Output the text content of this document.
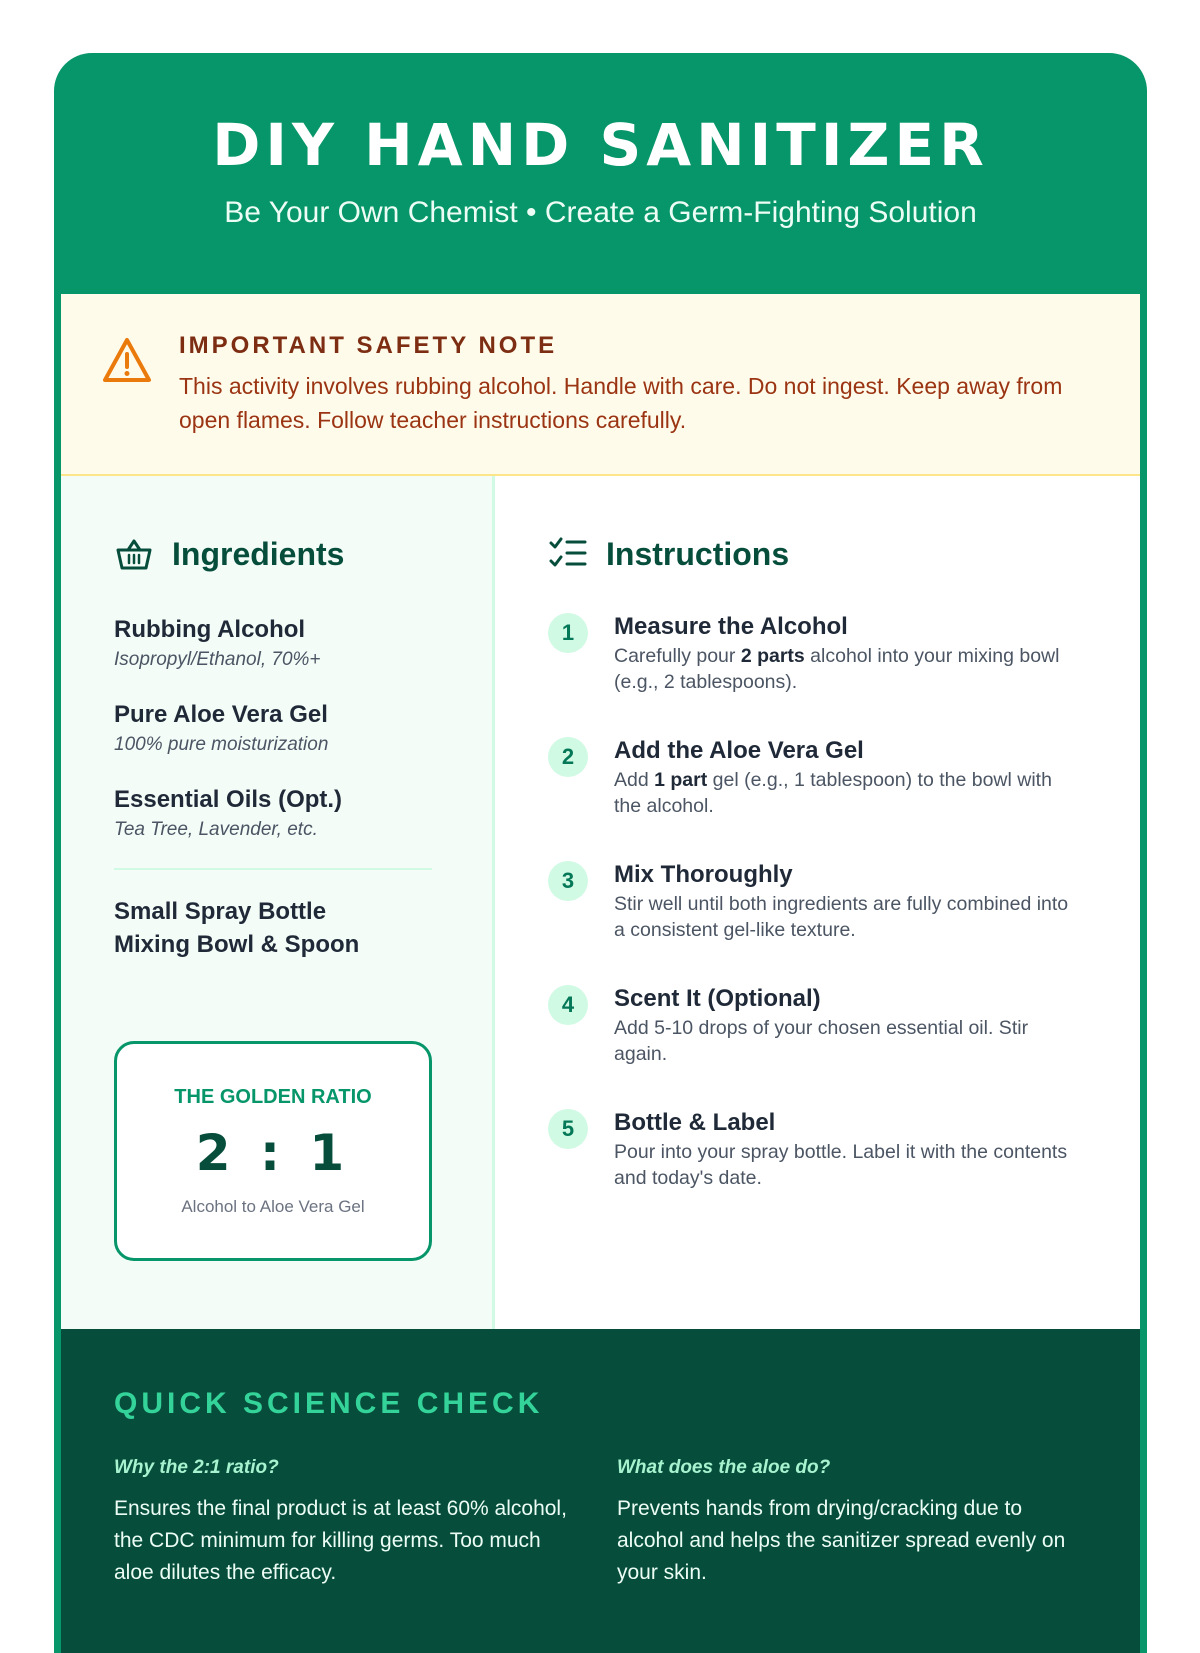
DIY HAND SANITIZER
Be Your Own Chemist • Create a Germ-Fighting Solution
IMPORTANT SAFETY NOTE
This activity involves rubbing alcohol. Handle with care. Do not ingest. Keep away from open flames. Follow teacher instructions carefully.
Ingredients
Rubbing Alcohol
Isopropyl/Ethanol, 70%+
Pure Aloe Vera Gel
100% pure moisturization
Essential Oils (Opt.)
Tea Tree, Lavender, etc.
Small Spray Bottle
Mixing Bowl & Spoon
THE GOLDEN RATIO
2 : 1
Alcohol to Aloe Vera Gel
Instructions
1	Measure the Alcohol
Carefully pour 2 parts alcohol into your mixing bowl (e.g., 2 tablespoons).
2	Add the Aloe Vera Gel
Add 1 part gel (e.g., 1 tablespoon) to the bowl with the alcohol.
3	Mix Thoroughly
Stir well until both ingredients are fully combined into a consistent gel-like texture.
4	Scent It (Optional)
Add 5-10 drops of your chosen essential oil. Stir again.
5	Bottle & Label
Pour into your spray bottle. Label it with the contents and today's date.
QUICK SCIENCE CHECK
Why the 2:1 ratio?
Ensures the final product is at least 60% alcohol, the CDC minimum for killing germs. Too much aloe dilutes the efficacy.
What does the aloe do?
Prevents hands from drying/cracking due to alcohol and helps the sanitizer spread evenly on your skin.
